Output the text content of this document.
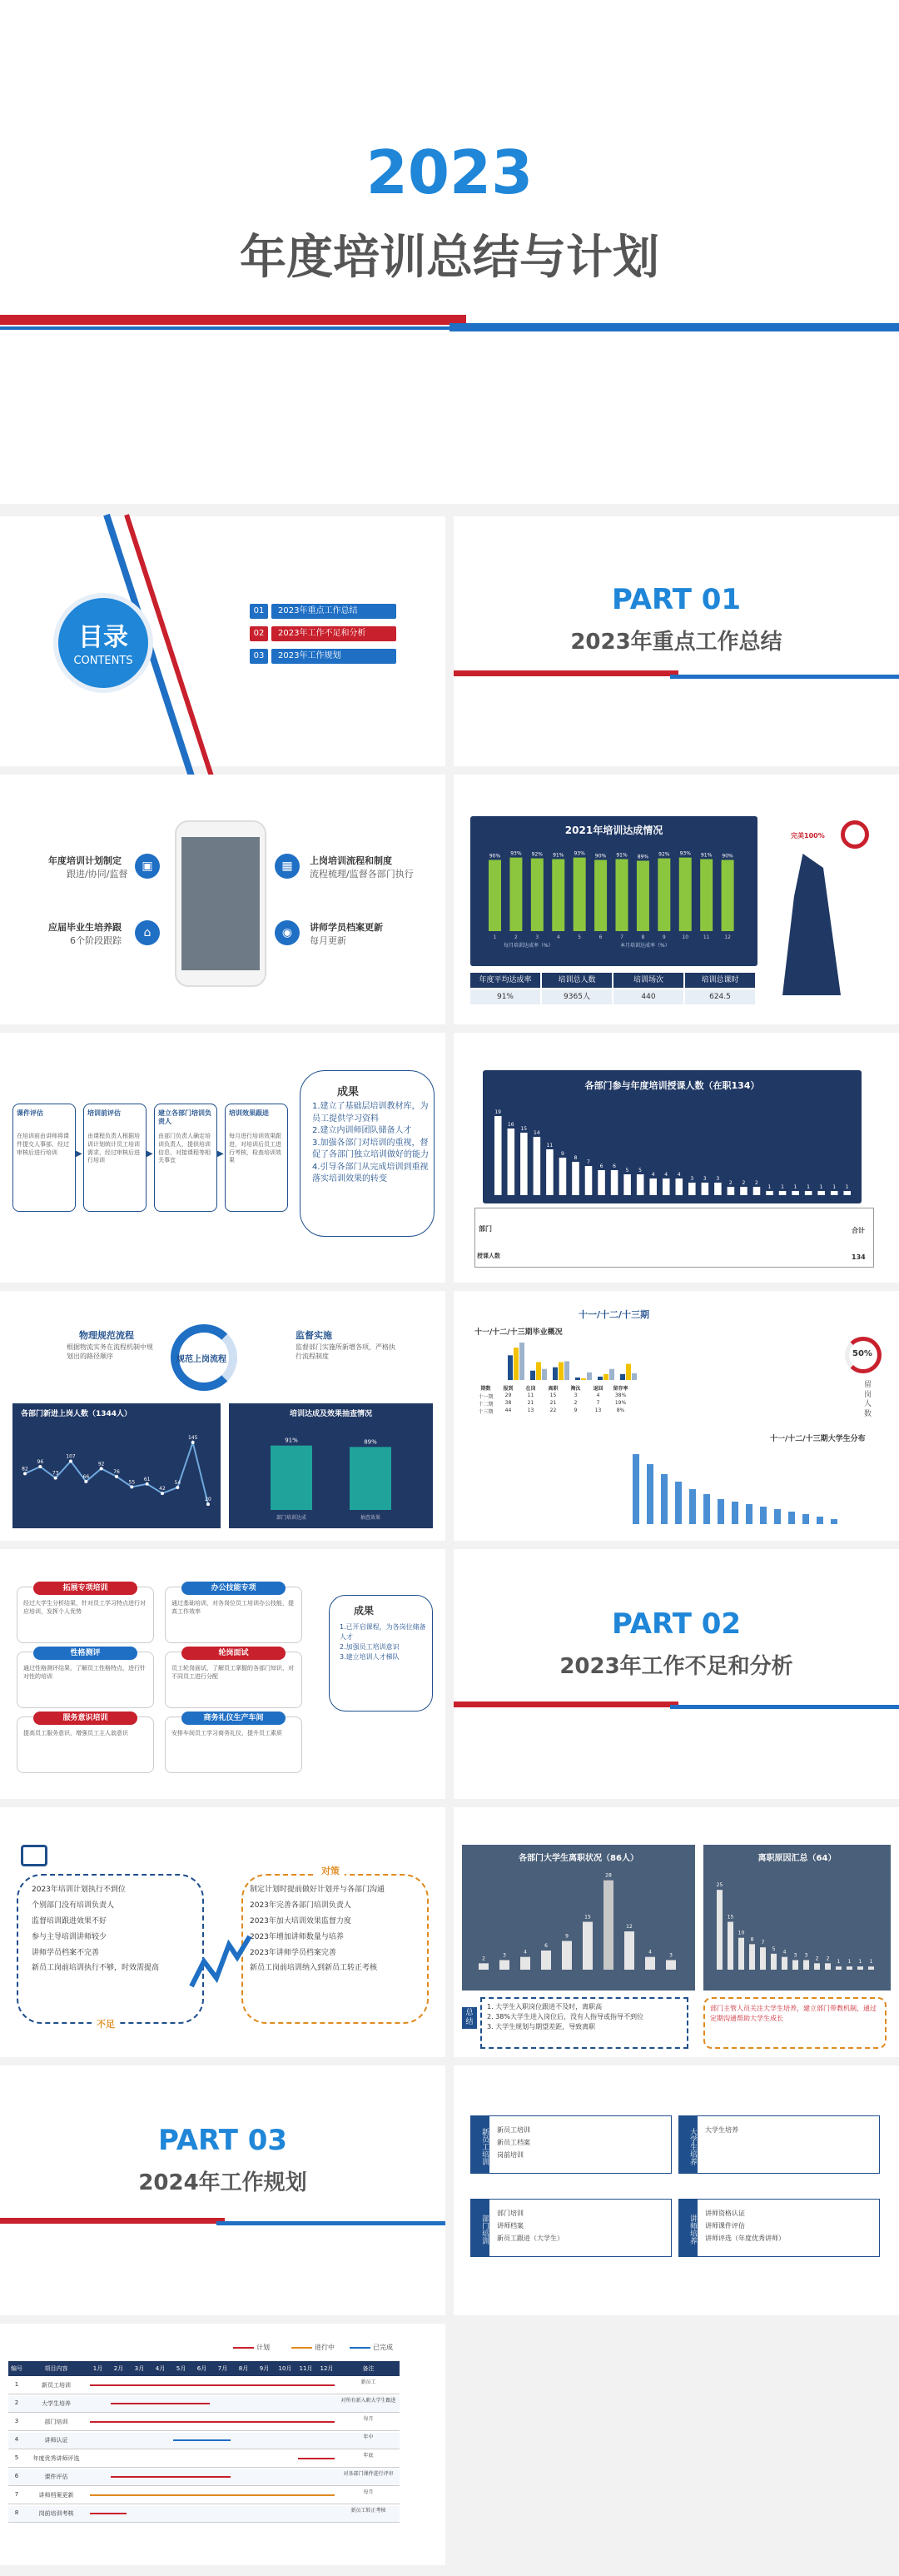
2023
年度培训总结与计划
目录
CONTENTS
01	2023年重点工作总结
02	2023年工作不足和分析
03	2023年工作规划
PART 01
2023年重点工作总结
▣	▦
⌂	◉
年度培训计划制定
跟进/协同/监督
上岗培训流程和制度
流程梳理/监督各部门执行
应届毕业生培养跟
6个阶段跟踪
讲师学员档案更新
每月更新
2021年培训达成情况
90%
1
93%
2
92%
3
91%
4
93%
5
90%
6
91%
7
89%
8
92%
9
93%
10
91%
11
90%
12
每月培训达成率（%）	本月培训达成率（%）
年度平均达成率
91%
培训总人数
9365人
培训场次
440
培训总课时
624.5
完美100%
课件评估
在培训前由讲师将课件提交人事部，经过审核后进行培训	▶
培训前评估
由课程负责人根据培训计划统计员工培训需求，经过审核后进行培训
▶
建立各部门培训负责人
由部门负责人确定培训负责人，提供培训信息，对接课程等相关事宜
▶
培训效果跟进
每月进行培训效果跟进，对培训后员工进行考核，检查培训效果
成果
1.建立了基础层培训教材库，为员工提供学习资料
2.建立内训师团队储备人才
3.加强各部门对培训的重视，督促了各部门独立培训做好的能力
4.引导各部门从完成培训到重视落实培训效果的转变
各部门参与年度培训授课人数（在职134）
19
16
15
14
11
9
8
7
6 6
5 5
4 4 4
3 3 3
2 2 2
1 1 1 1 1 1 1
部门
授课人数
合计
134
物理规范流程
根据物流实务在流程机制中规划出的路径顺序	规范上岗流程
监督实施
监督部门实施所新增各项，严格执行流程制度
各部门新进上岗人数（1344人）
82
96
73
107
66
92
76
55
61
42
54
145
20
培训达成及效果抽查情况
91%
部门培训达成
89%
抽查效果
十一/十二/十三期
十一/十二/十三期毕业概况
期数	报到	在岗	离职	淘汰	退回	留存率
十一期	29	11	15	3	4	38%
十二期	38	21	21	2	7	19%
十三期	44	13	22	9	13	8%
十一/十二/十三期大学生分布
50%
留岗人数
拓展专项培训
经过大学生分析结果，针对员工学习特点进行对应培训，发挥个人优势
办公技能专项
通过基础培训，对各岗位员工培训办公技能，提高工作效率
性格测评
通过性格测评结果，了解员工性格特点，进行针对性的培训
轮岗面试
员工轮岗面试，了解员工掌握的各部门知识，对不同员工进行分配
服务意识培训
提高员工服务意识，增强员工主人翁意识
商务礼仪生产车间
安排车间员工学习商务礼仪，提升员工素质
成果
1.已开启课程，为各岗位储备人才
2.加强员工培训意识
3.建立培训人才梯队
PART 02
2023年工作不足和分析
2023年培训计划执行不到位
个别部门没有培训负责人
监督培训跟进效果不好
参与主导培训讲师较少
讲师学员档案不完善
新员工岗前培训执行不够，时效需提高
制定计划时提前做好计划并与各部门沟通
2023年完善各部门培训负责人
2023年加大培训效果监督力度
2023年增加讲师数量与培养
2023年讲师学员档案完善
新员工岗前培训纳入到新员工转正考核
对策
不足
各部门大学生离职状况（86人）
2
3
4
6
9
15
28
12
4
3
离职原因汇总（64）
25
15
10
8
7
5
4
3 3
2 2
1 1 1 1
总结
1. 大学生入职岗位跟进不及时，离职高
2. 38%大学生进入岗位后，没有人指导或指导不到位
3. 大学生规划与期望差距，导致离职
部门主管人员关注大学生培养，建立部门带教机制，通过定期沟通帮助大学生成长
PART 03
2024年工作规划
新员工培训 新员工培训
新员工档案
岗前培训
部门培训
部门培训
讲师档案
新员工跟进（大学生）
大学生培养 大学生培养
讲师培养
讲师资格认证
讲师课件评估
讲师评选（年度优秀讲师）
计划	进行中	已完成
编号	项目内容	1月	2月	3月	4月	5月	6月	7月	8月	9月	10月	11月	12月	备注
1	新员工培训	新员工
2	大学生培养	对所有新入职大学生跟进
3	部门培训	每月
4	讲师认证	年中
5	年度优秀讲师评选	年底
6	课件评估	对各部门课件进行评审
7	讲师档案更新	每月
8	岗前培训考核	新员工转正考核
